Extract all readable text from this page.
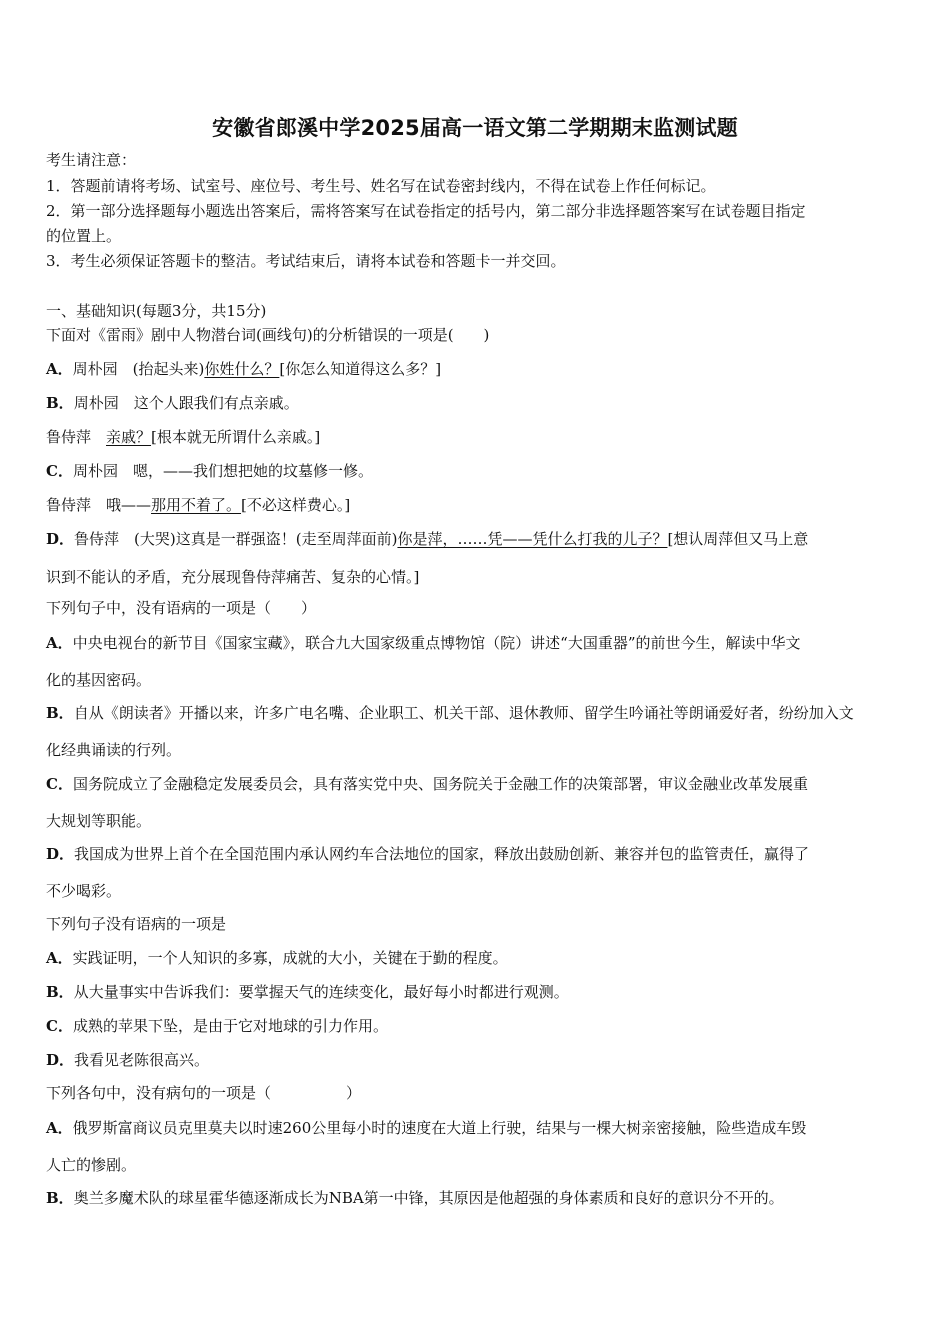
安徽省郎溪中学2025届高一语文第二学期期末监测试题
考生请注意：
1．答题前请将考场、试室号、座位号、考生号、姓名写在试卷密封线内，不得在试卷上作任何标记。
2．第一部分选择题每小题选出答案后，需将答案写在试卷指定的括号内，第二部分非选择题答案写在试卷题目指定
的位置上。
3．考生必须保证答题卡的整洁。考试结束后，请将本试卷和答题卡一并交回。
一、基础知识(每题3分，共15分)
下面对《雷雨》剧中人物潜台词(画线句)的分析错误的一项是(　　)
A．周朴园　(抬起头来)你姓什么？[你怎么知道得这么多？]
B．周朴园　这个人跟我们有点亲戚。
鲁侍萍　亲戚？[根本就无所谓什么亲戚。]
C．周朴园　嗯，——我们想把她的坟墓修一修。
鲁侍萍　哦——那用不着了。[不必这样费心。]
D．鲁侍萍　(大哭)这真是一群强盗！(走至周萍面前)你是萍，……凭——凭什么打我的儿子？[想认周萍但又马上意
识到不能认的矛盾，充分展现鲁侍萍痛苦、复杂的心情。]
下列句子中，没有语病的一项是（　　）
A．中央电视台的新节目《国家宝藏》，联合九大国家级重点博物馆（院）讲述“大国重器”的前世今生，解读中华文
化的基因密码。
B．自从《朗读者》开播以来，许多广电名嘴、企业职工、机关干部、退休教师、留学生吟诵社等朗诵爱好者，纷纷加入文
化经典诵读的行列。
C．国务院成立了金融稳定发展委员会，具有落实党中央、国务院关于金融工作的决策部署，审议金融业改革发展重
大规划等职能。
D．我国成为世界上首个在全国范围内承认网约车合法地位的国家，释放出鼓励创新、兼容并包的监管责任，赢得了
不少喝彩。
下列句子没有语病的一项是
A．实践证明，一个人知识的多寡，成就的大小，关键在于勤的程度。
B．从大量事实中告诉我们：要掌握天气的连续变化，最好每小时都进行观测。
C．成熟的苹果下坠，是由于它对地球的引力作用。
D．我看见老陈很高兴。
下列各句中，没有病句的一项是（　　　　　）
A．俄罗斯富商议员克里莫夫以时速260公里每小时的速度在大道上行驶，结果与一棵大树亲密接触，险些造成车毁
人亡的惨剧。
B．奥兰多魔术队的球星霍华德逐渐成长为NBA第一中锋，其原因是他超强的身体素质和良好的意识分不开的。
